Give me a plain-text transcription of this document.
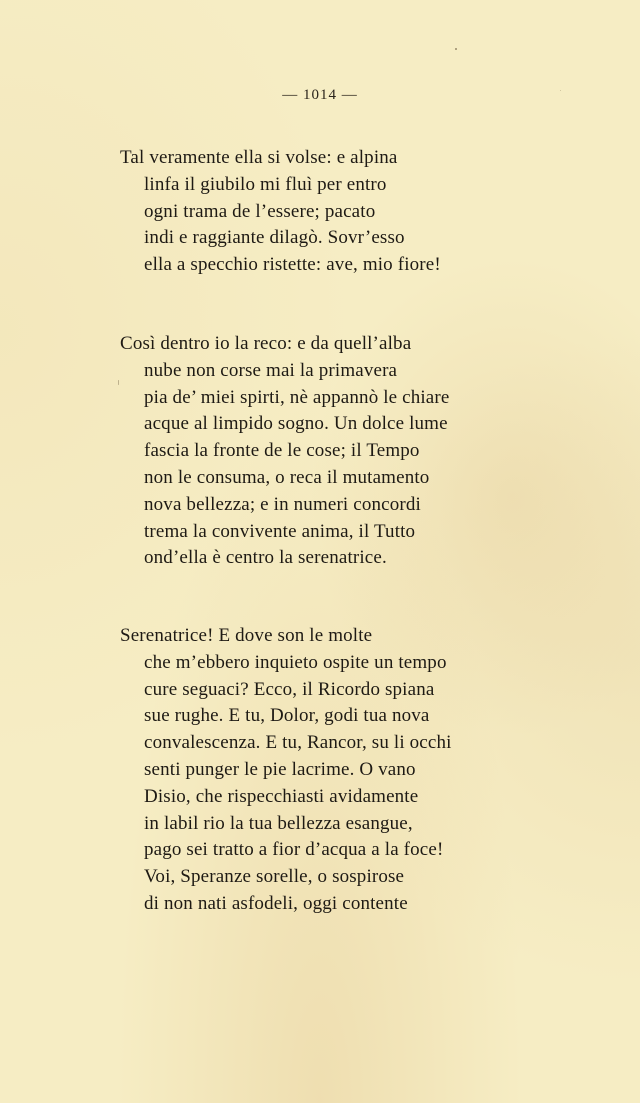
— 1014 —
Tal veramente ella si volse: e alpina
linfa il giubilo mi fluì per entro
ogni trama de l’essere; pacato
indi e raggiante dilagò. Sovr’esso
ella a specchio ristette: ave, mio fiore!
Così dentro io la reco: e da quell’alba
nube non corse mai la primavera
pia de’ miei spirti, nè appannò le chiare
acque al limpido sogno. Un dolce lume
fascia la fronte de le cose; il Tempo
non le consuma, o reca il mutamento
nova bellezza; e in numeri concordi
trema la convivente anima, il Tutto
ond’ella è centro la serenatrice.
Serenatrice! E dove son le molte
che m’ebbero inquieto ospite un tempo
cure seguaci? Ecco, il Ricordo spiana
sue rughe. E tu, Dolor, godi tua nova
convalescenza. E tu, Rancor, su li occhi
senti punger le pie lacrime. O vano
Disio, che rispecchiasti avidamente
in labil rio la tua bellezza esangue,
pago sei tratto a fior d’acqua a la foce!
Voi, Speranze sorelle, o sospirose
di non nati asfodeli, oggi contente
